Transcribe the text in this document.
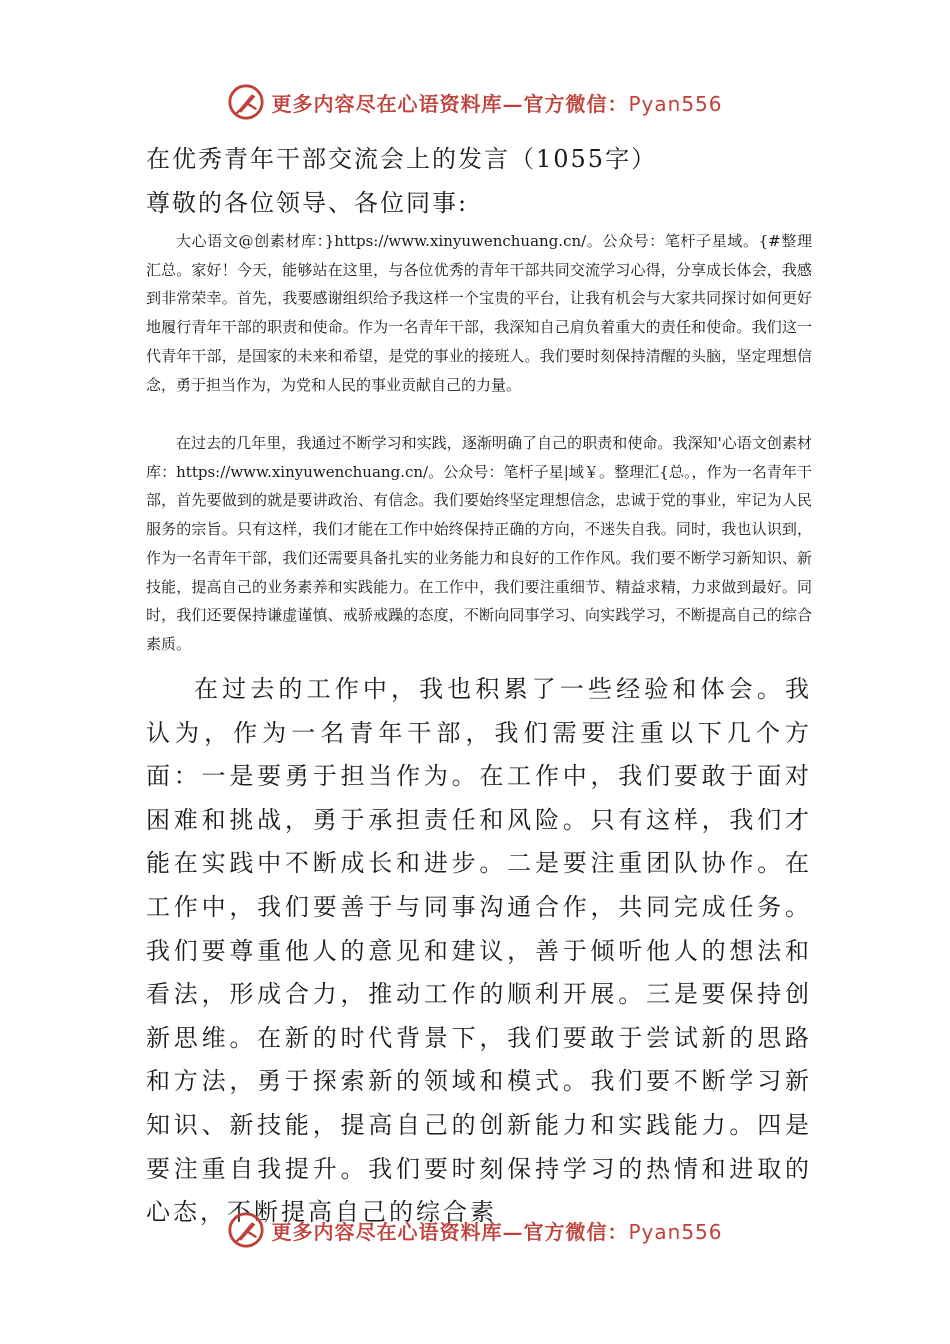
更多内容尽在心语资料库—官方微信：Pyan556
在优秀青年干部交流会上的发言（1055字）
尊敬的各位领导、各位同事:

大心语文@创素材库：}https://www.xinyuwenchuang.cn/。公众号：笔杆子星域。{#整理汇总。家好！今天，能够站在这里，与各位优秀的青年干部共同交流学习心得，分享成长体会，我感到非常荣幸。首先，我要感谢组织给予我这样一个宝贵的平台，让我有机会与大家共同探讨如何更好地履行青年干部的职责和使命。作为一名青年干部，我深知自己肩负着重大的责任和使命。我们这一代青年干部，是国家的未来和希望，是党的事业的接班人。我们要时刻保持清醒的头脑，坚定理想信念，勇于担当作为，为党和人民的事业贡献自己的力量。

在过去的几年里，我通过不断学习和实践，逐渐明确了自己的职责和使命。我深知'心语文创素材库：https://www.xinyuwenchuang.cn/。公众号：笔杆子星|域￥。整理汇{总。，作为一名青年干部，首先要做到的就是要讲政治、有信念。我们要始终坚定理想信念，忠诚于党的事业，牢记为人民服务的宗旨。只有这样，我们才能在工作中始终保持正确的方向，不迷失自我。同时，我也认识到，作为一名青年干部，我们还需要具备扎实的业务能力和良好的工作作风。我们要不断学习新知识、新技能，提高自己的业务素养和实践能力。在工作中，我们要注重细节、精益求精，力求做到最好。同时，我们还要保持谦虚谨慎、戒骄戒躁的态度，不断向同事学习、向实践学习，不断提高自己的综合素质。

在过去的工作中，我也积累了一些经验和体会。我认为，作为一名青年干部，我们需要注重以下几个方面：一是要勇于担当作为。在工作中，我们要敢于面对困难和挑战，勇于承担责任和风险。只有这样，我们才能在实践中不断成长和进步。二是要注重团队协作。在工作中，我们要善于与同事沟通合作，共同完成任务。我们要尊重他人的意见和建议，善于倾听他人的想法和看法，形成合力，推动工作的顺利开展。三是要保持创新思维。在新的时代背景下，我们要敢于尝试新的思路和方法，勇于探索新的领域和模式。我们要不断学习新知识、新技能，提高自己的创新能力和实践能力。四是要注重自我提升。我们要时刻保持学习的热情和进取的心态，不断提高自己的综合素

更多内容尽在心语资料库—官方微信：Pyan556
